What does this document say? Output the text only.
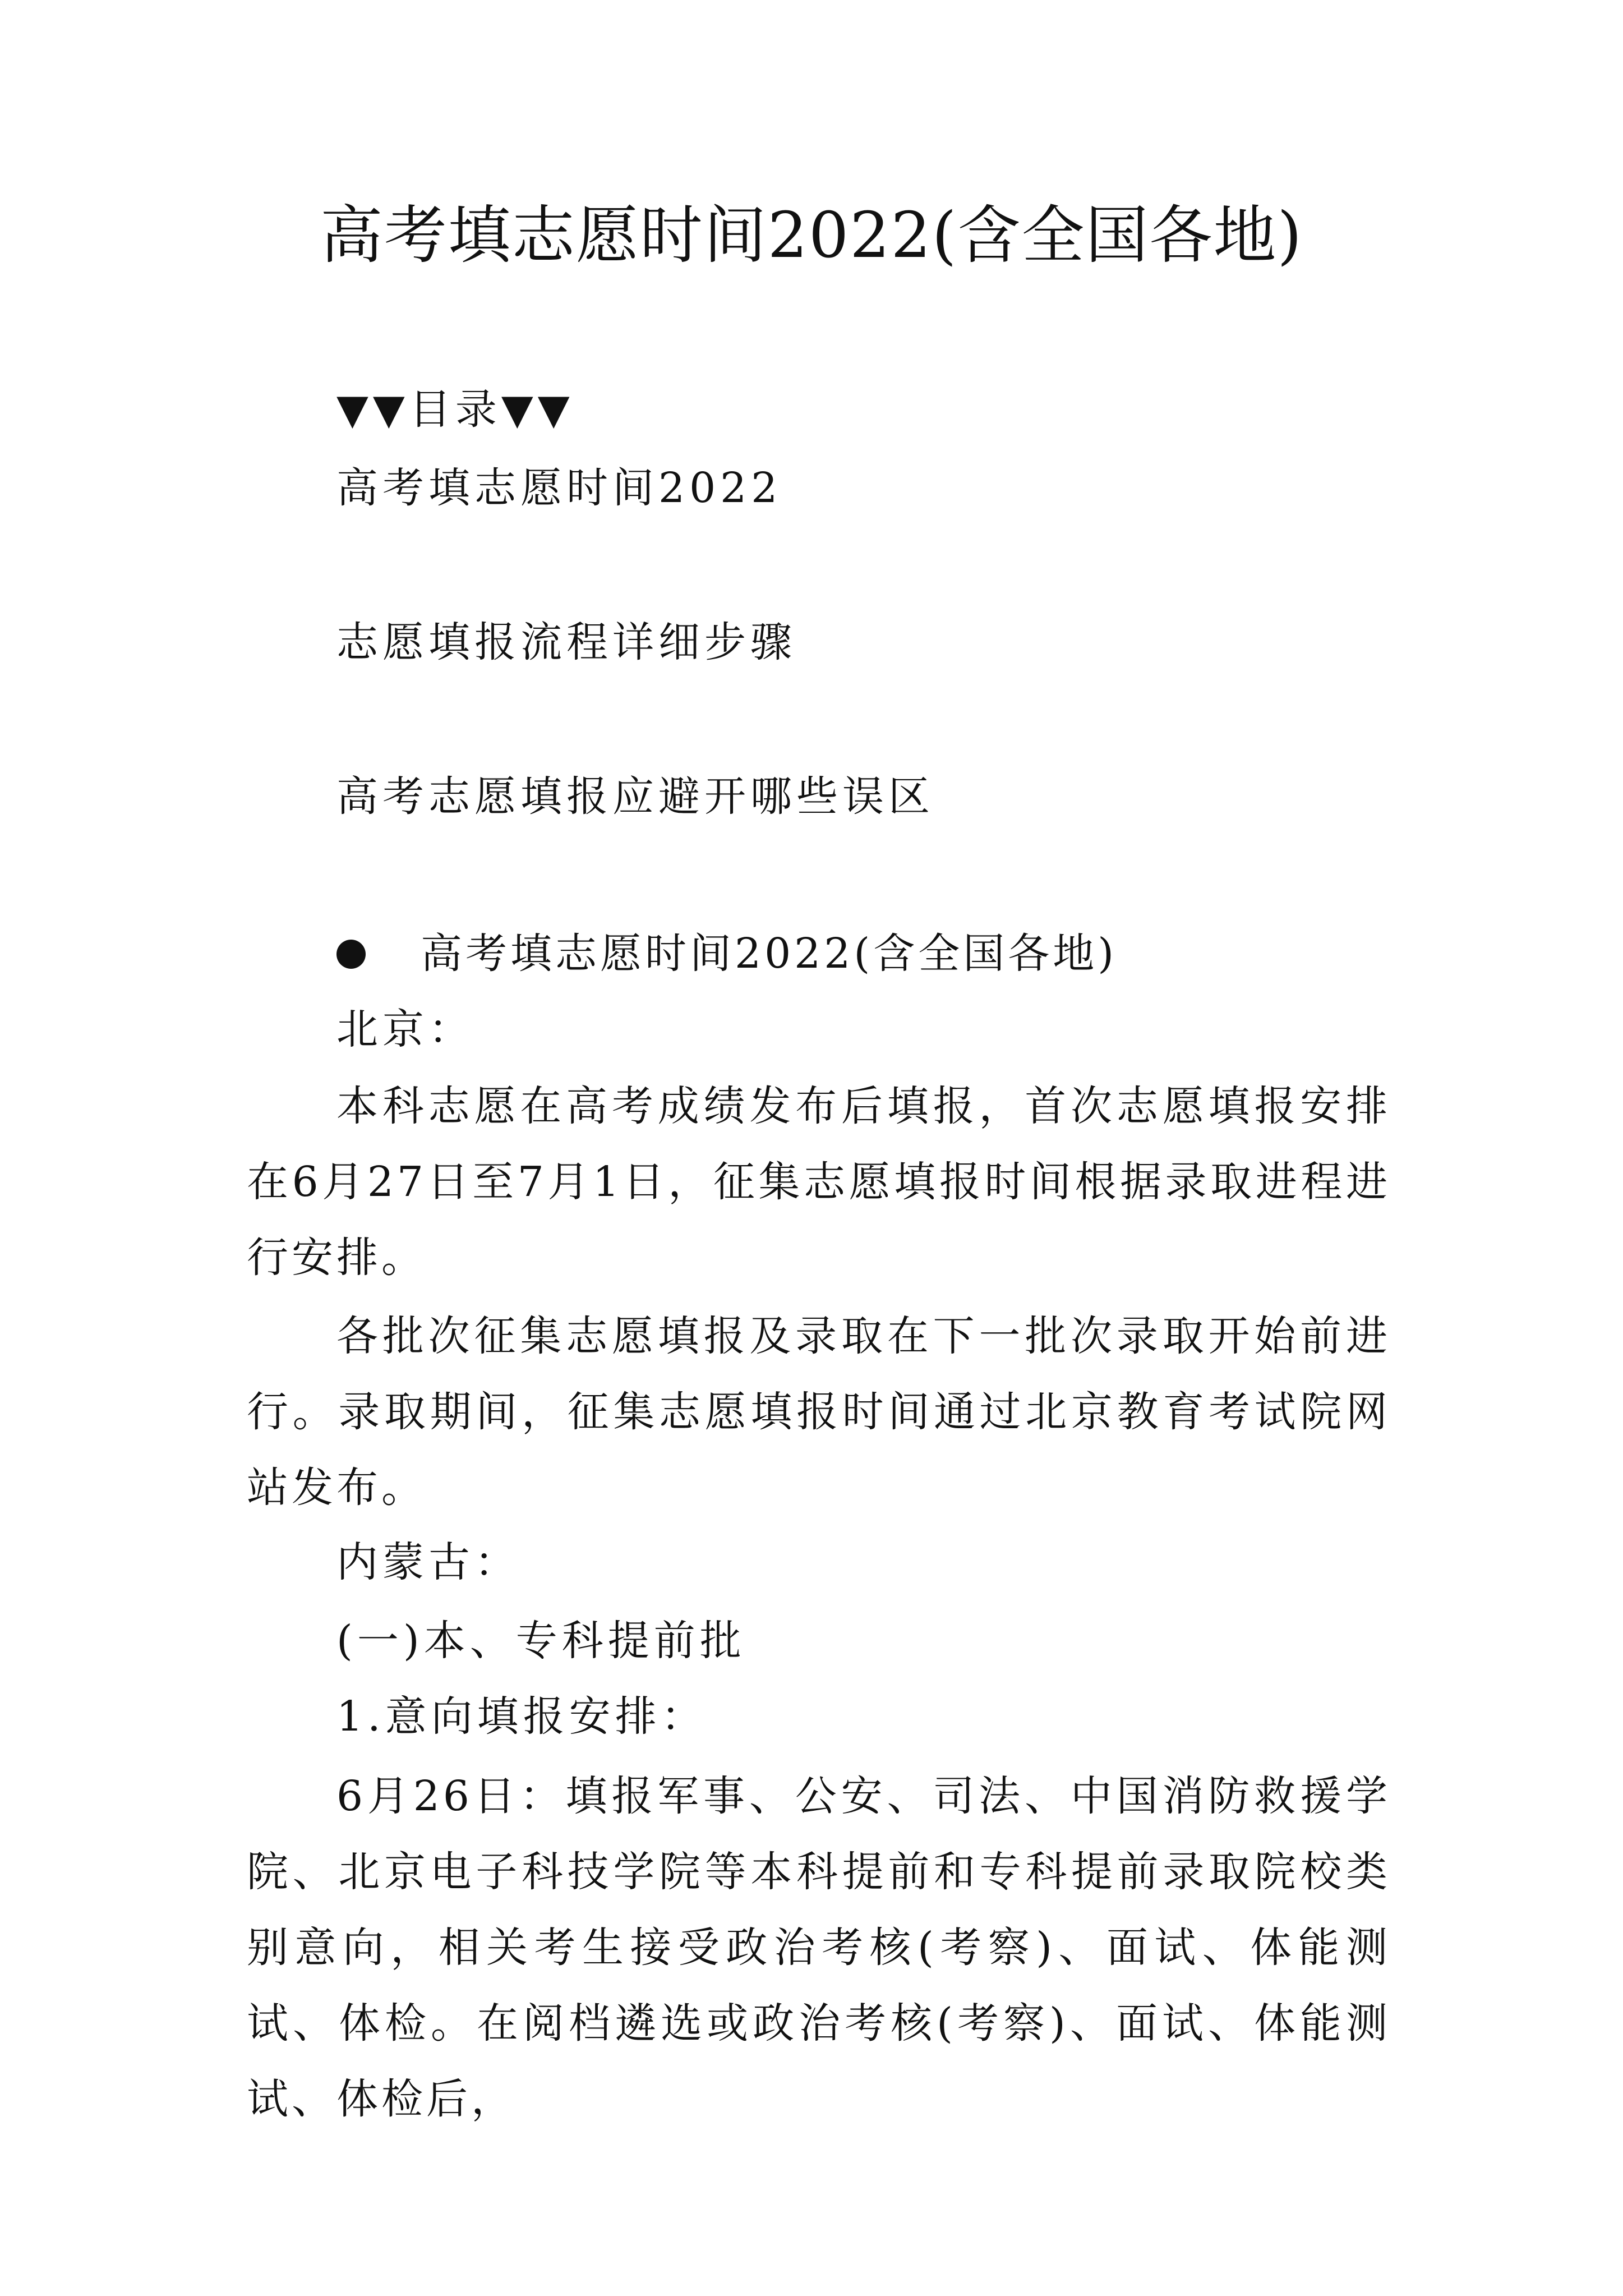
高考填志愿时间2022(含全国各地)
▼▼目录▼▼
高考填志愿时间2022
志愿填报流程详细步骤
高考志愿填报应避开哪些误区
高考填志愿时间2022(含全国各地)
北京：
本科志愿在高考成绩发布后填报，首次志愿填报安排在6月27日至7月1日，征集志愿填报时间根据录取进程进行安排。
各批次征集志愿填报及录取在下一批次录取开始前进行。录取期间，征集志愿填报时间通过北京教育考试院网站发布。
内蒙古：
(一)本、专科提前批
1.意向填报安排：
6月26日：填报军事、公安、司法、中国消防救援学院、北京电子科技学院等本科提前和专科提前录取院校类别意向，相关考生接受政治考核(考察)、面试、体能测试、体检。在阅档遴选或政治考核(考察)、面试、体能测试、体检后，
